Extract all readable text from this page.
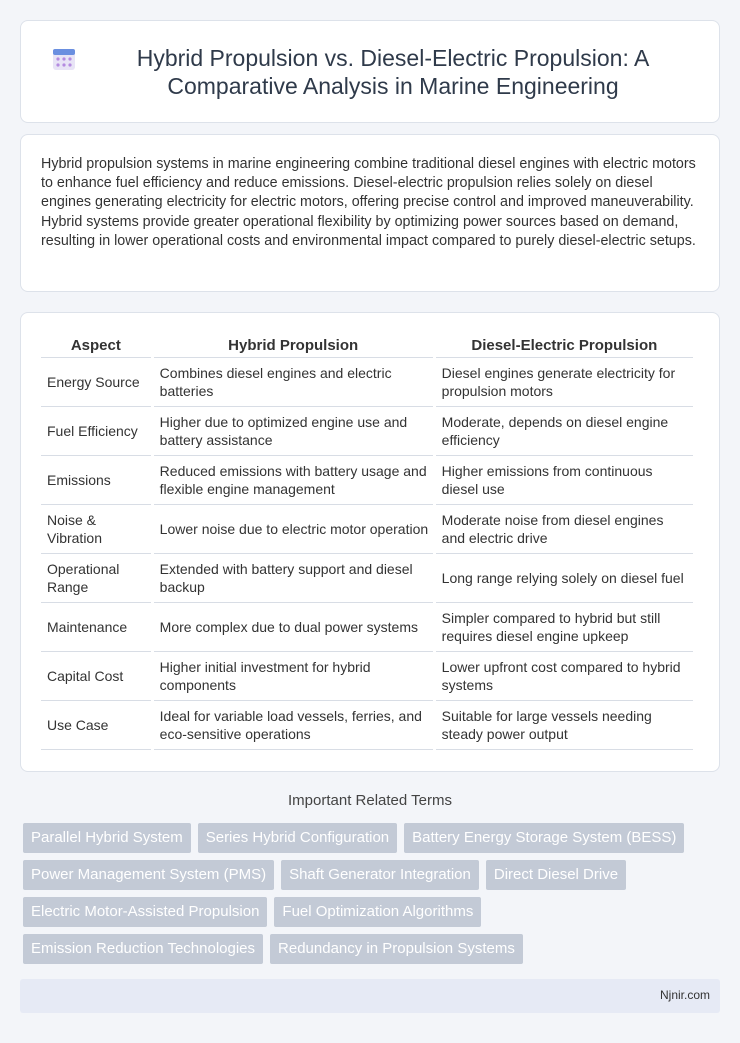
Hybrid Propulsion vs. Diesel-Electric Propulsion: A Comparative Analysis in Marine Engineering

Hybrid propulsion systems in marine engineering combine traditional diesel engines with electric motors to enhance fuel efficiency and reduce emissions. Diesel-electric propulsion relies solely on diesel engines generating electricity for electric motors, offering precise control and improved maneuverability. Hybrid systems provide greater operational flexibility by optimizing power sources based on demand, resulting in lower operational costs and environmental impact compared to purely diesel-electric setups.

Aspect	Hybrid Propulsion	Diesel-Electric Propulsion
Energy Source	Combines diesel engines and electric batteries	Diesel engines generate electricity for propulsion motors
Fuel Efficiency	Higher due to optimized engine use and battery assistance	Moderate, depends on diesel engine efficiency
Emissions	Reduced emissions with battery usage and flexible engine management	Higher emissions from continuous diesel use
Noise & Vibration	Lower noise due to electric motor operation	Moderate noise from diesel engines and electric drive
Operational Range	Extended with battery support and diesel backup	Long range relying solely on diesel fuel
Maintenance	More complex due to dual power systems	Simpler compared to hybrid but still requires diesel engine upkeep
Capital Cost	Higher initial investment for hybrid components	Lower upfront cost compared to hybrid systems
Use Case	Ideal for variable load vessels, ferries, and eco-sensitive operations	Suitable for large vessels needing steady power output
Important Related Terms
Parallel Hybrid System	Series Hybrid Configuration	Battery Energy Storage System (BESS)
Power Management System (PMS)	Shaft Generator Integration	Direct Diesel Drive
Electric Motor-Assisted Propulsion	Fuel Optimization Algorithms
Emission Reduction Technologies	Redundancy in Propulsion Systems
Njnir.com
